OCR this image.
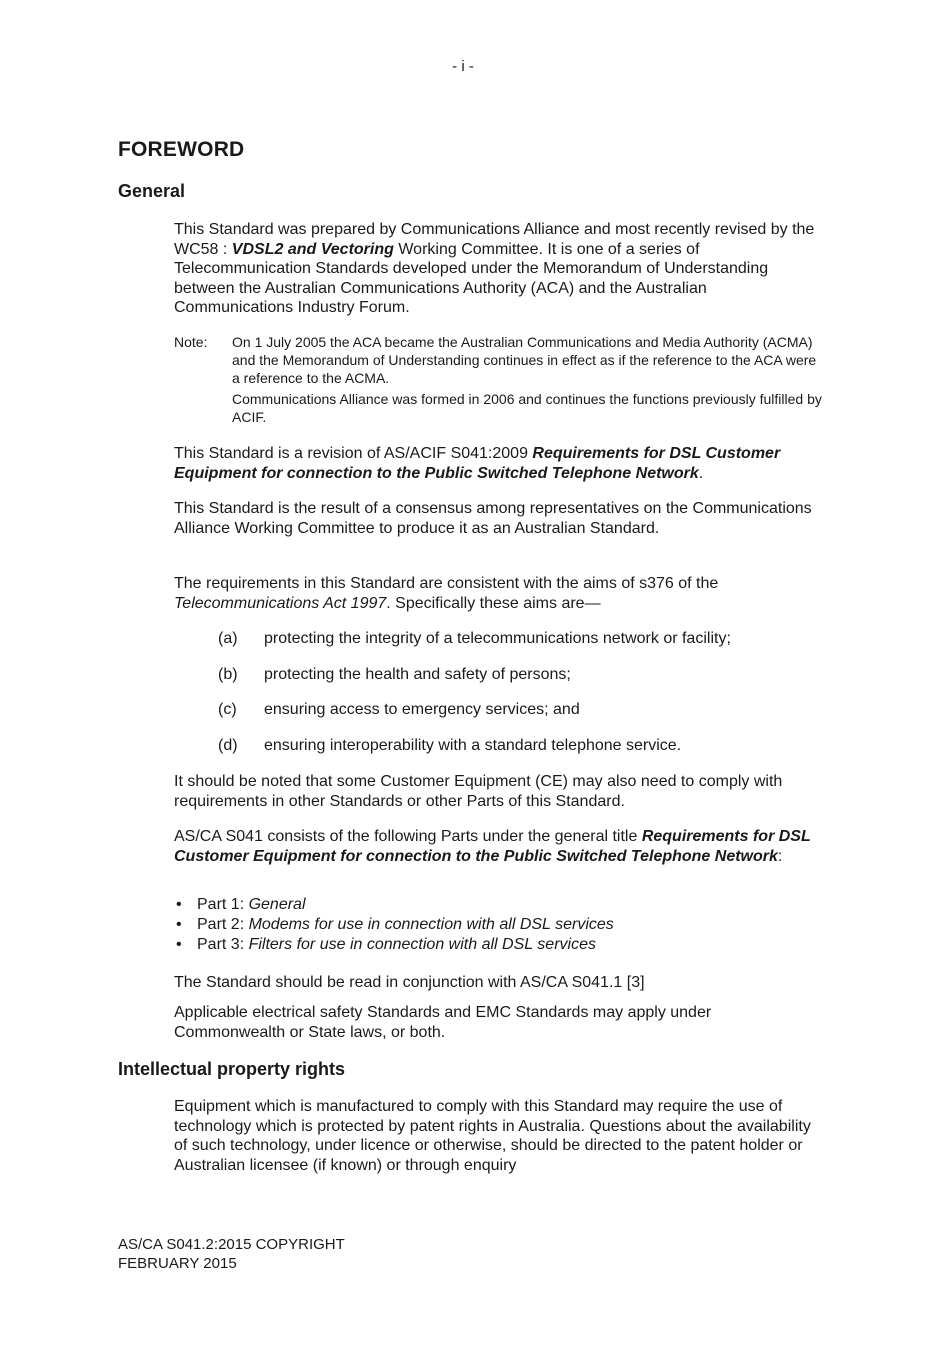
- i -
FOREWORD
General

This Standard was prepared by Communications Alliance and most recently revised by the WC58 : VDSL2 and Vectoring Working Committee. It is one of a series of Telecommunication Standards developed under the Memorandum of Understanding between the Australian Communications Authority (ACA) and the Australian Communications Industry Forum.

Note: On 1 July 2005 the ACA became the Australian Communications and Media Authority (ACMA) and the Memorandum of Understanding continues in effect as if the reference to the ACA were a reference to the ACMA.
Communications Alliance was formed in 2006 and continues the functions previously fulfilled by ACIF.

This Standard is a revision of AS/ACIF S041:2009 Requirements for DSL Customer Equipment for connection to the Public Switched Telephone Network.

This Standard is the result of a consensus among representatives on the Communications Alliance Working Committee to produce it as an Australian Standard.

The requirements in this Standard are consistent with the aims of s376 of the Telecommunications Act 1997. Specifically these aims are—

(a) protecting the integrity of a telecommunications network or facility;
(b) protecting the health and safety of persons;
(c) ensuring access to emergency services; and
(d) ensuring interoperability with a standard telephone service.

It should be noted that some Customer Equipment (CE) may also need to comply with requirements in other Standards or other Parts of this Standard.

AS/CA S041 consists of the following Parts under the general title Requirements for DSL Customer Equipment for connection to the Public Switched Telephone Network:

• Part 1: General
• Part 2: Modems for use in connection with all DSL services
• Part 3: Filters for use in connection with all DSL services

The Standard should be read in conjunction with AS/CA S041.1 [3]

Applicable electrical safety Standards and EMC Standards may apply under Commonwealth or State laws, or both.

Intellectual property rights

Equipment which is manufactured to comply with this Standard may require the use of technology which is protected by patent rights in Australia. Questions about the availability of such technology, under licence or otherwise, should be directed to the patent holder or Australian licensee (if known) or through enquiry

AS/CA S041.2:2015 COPYRIGHT
FEBRUARY 2015
